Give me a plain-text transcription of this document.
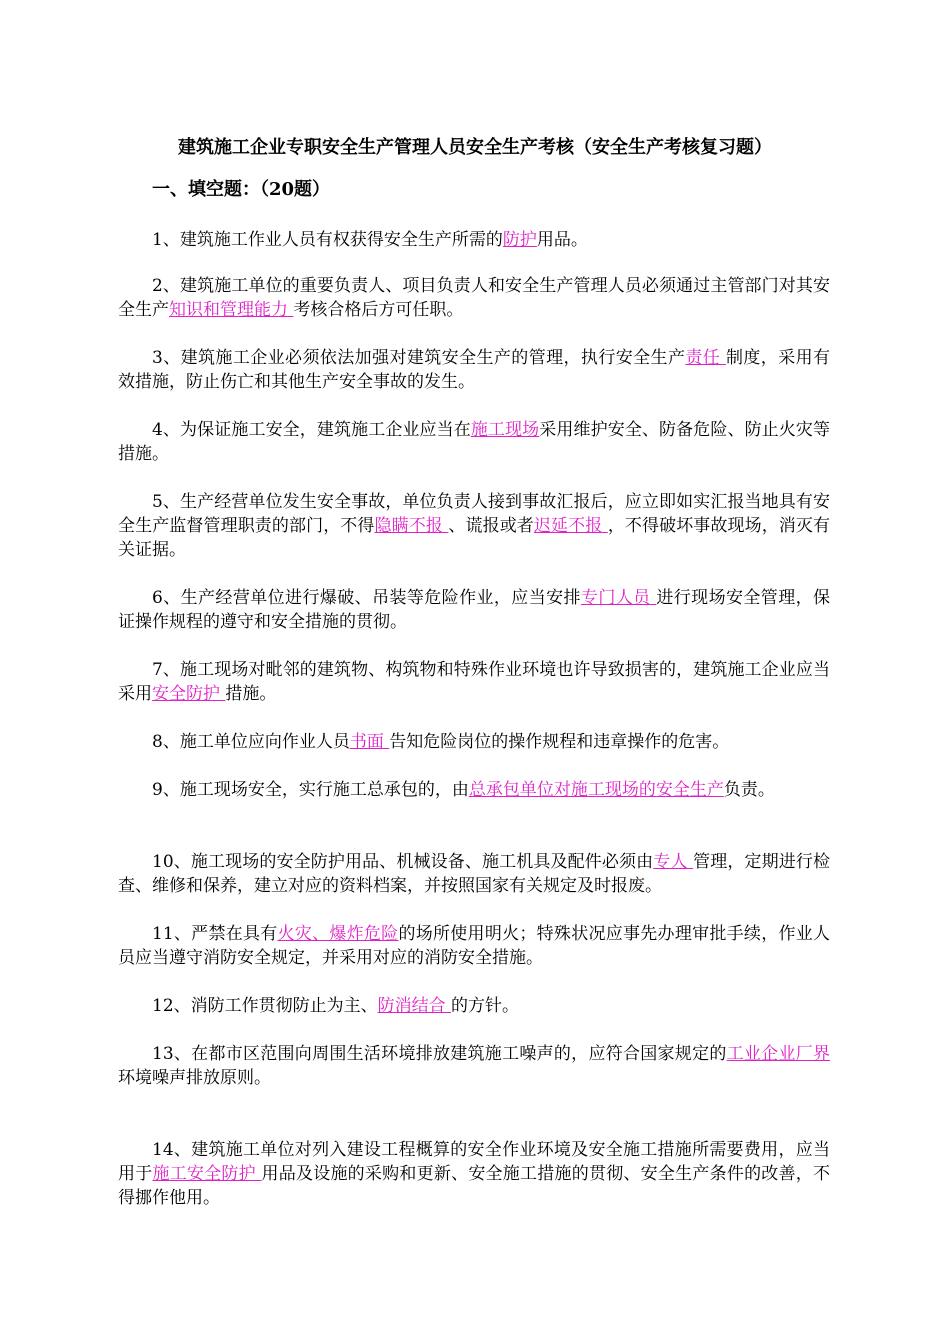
建筑施工企业专职安全生产管理人员安全生产考核（安全生产考核复习题）
一、填空题：（20题）
1、建筑施工作业人员有权获得安全生产所需的防护用品。
2、建筑施工单位的重要负责人、项目负责人和安全生产管理人员必须通过主管部门对其安全生产知识和管理能力 考核合格后方可任职。
3、建筑施工企业必须依法加强对建筑安全生产的管理，执行安全生产责任 制度，采用有效措施，防止伤亡和其他生产安全事故的发生。
4、为保证施工安全，建筑施工企业应当在施工现场采用维护安全、防备危险、防止火灾等措施。
5、生产经营单位发生安全事故，单位负责人接到事故汇报后，应立即如实汇报当地具有安全生产监督管理职责的部门，不得隐瞒不报 、谎报或者迟延不报 ，不得破坏事故现场，消灭有关证据。
6、生产经营单位进行爆破、吊装等危险作业，应当安排专门人员 进行现场安全管理，保证操作规程的遵守和安全措施的贯彻。
7、施工现场对毗邻的建筑物、构筑物和特殊作业环境也许导致损害的，建筑施工企业应当采用安全防护 措施。
8、施工单位应向作业人员书面 告知危险岗位的操作规程和违章操作的危害。
9、施工现场安全，实行施工总承包的，由总承包单位对施工现场的安全生产负责。
10、施工现场的安全防护用品、机械设备、施工机具及配件必须由专人 管理，定期进行检查、维修和保养，建立对应的资料档案，并按照国家有关规定及时报废。
11、严禁在具有火灾、爆炸危险的场所使用明火；特殊状况应事先办理审批手续，作业人员应当遵守消防安全规定，并采用对应的消防安全措施。
12、消防工作贯彻防止为主、防消结合 的方针。
13、在都市区范围向周围生活环境排放建筑施工噪声的，应符合国家规定的工业企业厂界 环境噪声排放原则。
14、建筑施工单位对列入建设工程概算的安全作业环境及安全施工措施所需要费用，应当用于施工安全防护 用品及设施的采购和更新、安全施工措施的贯彻、安全生产条件的改善，不得挪作他用。
